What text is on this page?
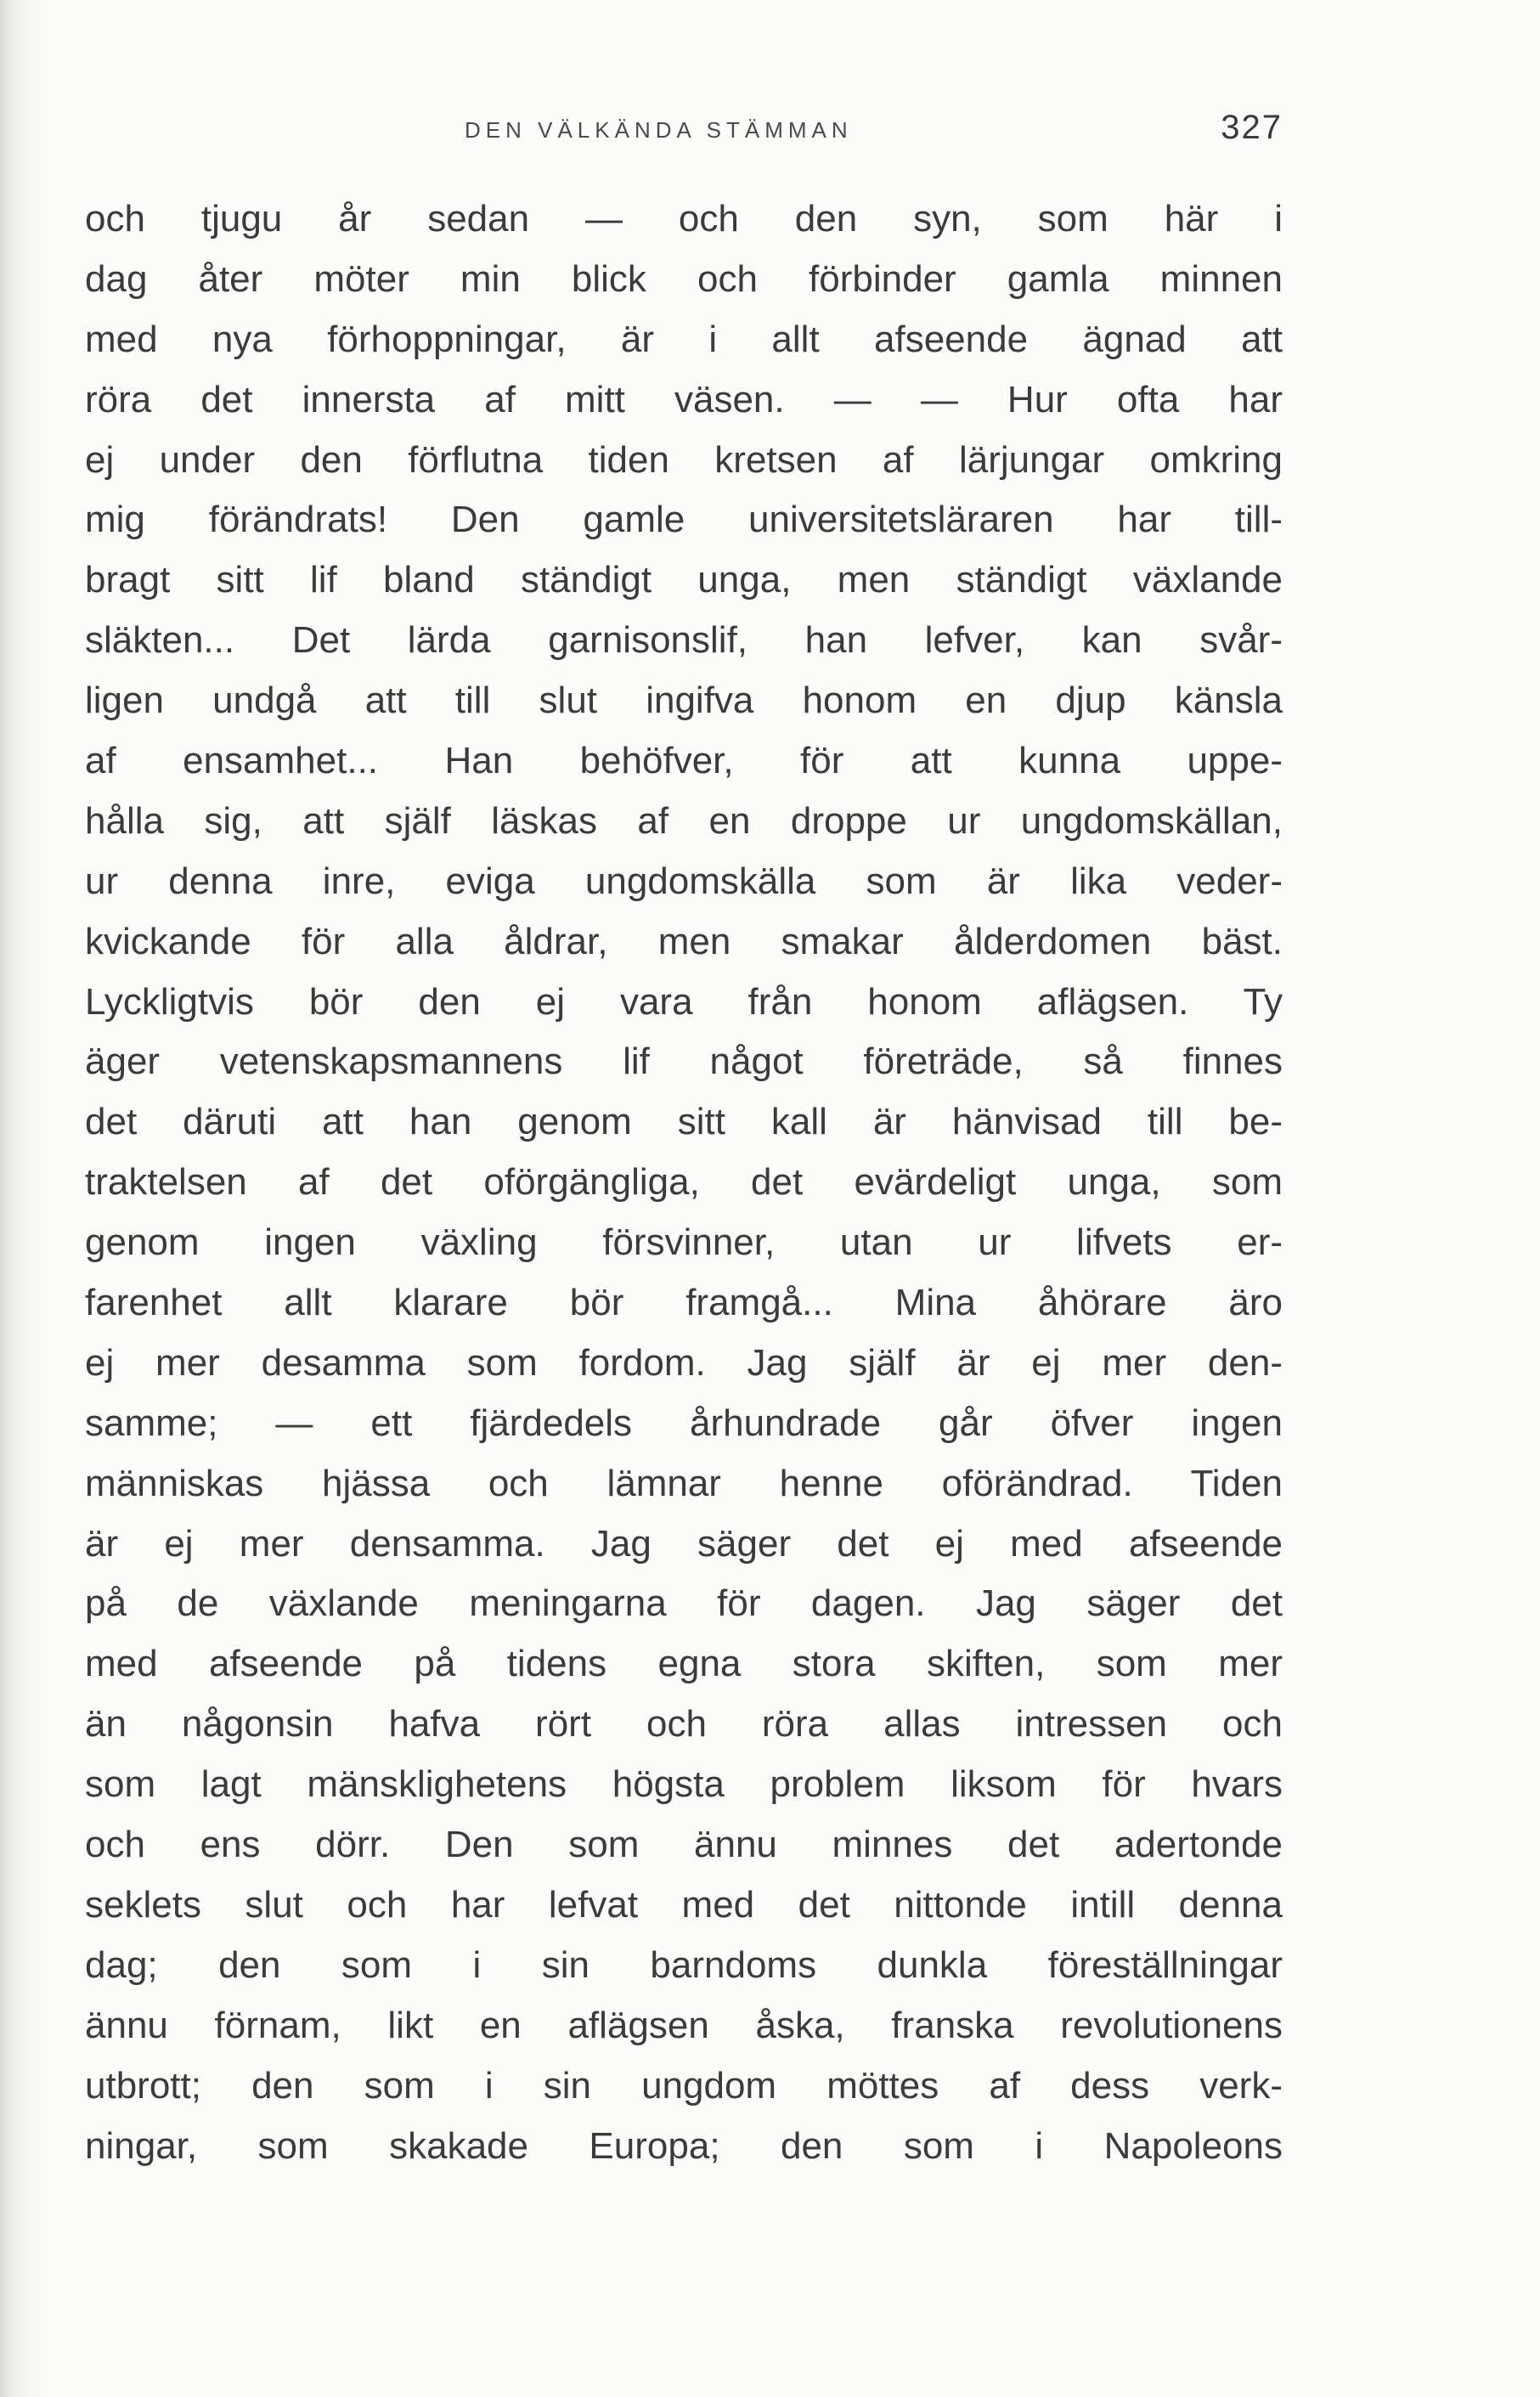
DEN VÄLKÄNDA STÄMMAN	327
och tjugu år sedan — och den syn, som här i
dag åter möter min blick och förbinder gamla minnen
med nya förhoppningar, är i allt afseende ägnad att
röra det innersta af mitt väsen. — — Hur ofta har
ej under den förflutna tiden kretsen af lärjungar omkring
mig förändrats! Den gamle universitetsläraren har till-
bragt sitt lif bland ständigt unga, men ständigt växlande
släkten... Det lärda garnisonslif, han lefver, kan svår-
ligen undgå att till slut ingifva honom en djup känsla
af ensamhet... Han behöfver, för att kunna uppe-
hålla sig, att själf läskas af en droppe ur ungdomskällan,
ur denna inre, eviga ungdomskälla som är lika veder-
kvickande för alla åldrar, men smakar ålderdomen bäst.
Lyckligtvis bör den ej vara från honom aflägsen. Ty
äger vetenskapsmannens lif något företräde, så finnes
det däruti att han genom sitt kall är hänvisad till be-
traktelsen af det oförgängliga, det evärdeligt unga, som
genom ingen växling försvinner, utan ur lifvets er-
farenhet allt klarare bör framgå... Mina åhörare äro
ej mer desamma som fordom. Jag själf är ej mer den-
samme; — ett fjärdedels århundrade går öfver ingen
människas hjässa och lämnar henne oförändrad. Tiden
är ej mer densamma. Jag säger det ej med afseende
på de växlande meningarna för dagen. Jag säger det
med afseende på tidens egna stora skiften, som mer
än någonsin hafva rört och röra allas intressen och
som lagt mänsklighetens högsta problem liksom för hvars
och ens dörr. Den som ännu minnes det adertonde
seklets slut och har lefvat med det nittonde intill denna
dag; den som i sin barndoms dunkla föreställningar
ännu förnam, likt en aflägsen åska, franska revolutionens
utbrott; den som i sin ungdom möttes af dess verk-
ningar, som skakade Europa; den som i Napoleons
